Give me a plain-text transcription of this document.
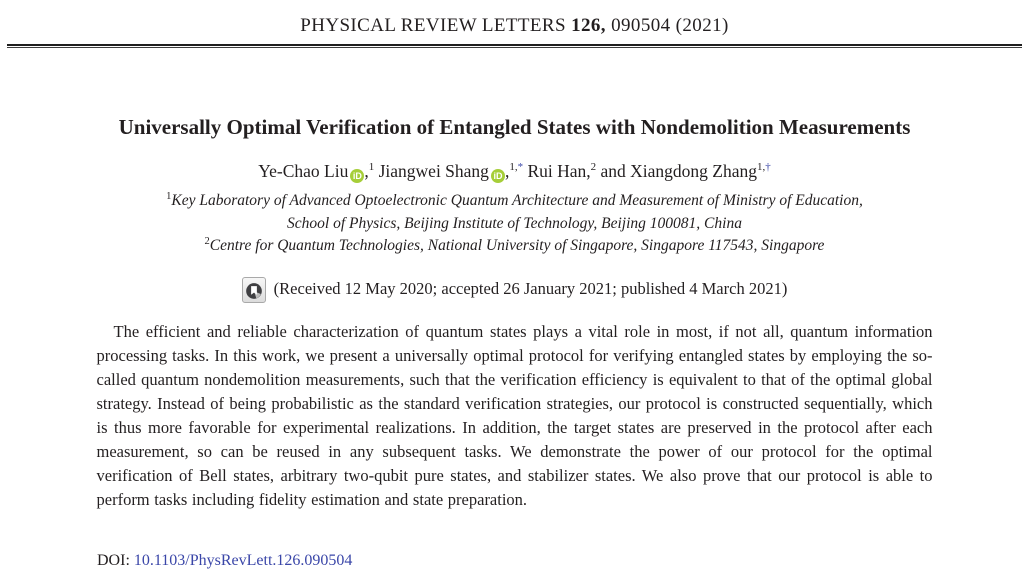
PHYSICAL REVIEW LETTERS 126, 090504 (2021)
Universally Optimal Verification of Entangled States with Nondemolition Measurements
Ye-Chao Liu iD ,$^1$ Jiangwei Shang iD ,$^{1,*}$ Rui Han,$^2$ and Xiangdong Zhang$^{1,\dagger}$
$^1$Key Laboratory of Advanced Optoelectronic Quantum Architecture and Measurement of Ministry of Education,
School of Physics, Beijing Institute of Technology, Beijing 100081, China
$^2$Centre for Quantum Technologies, National University of Singapore, Singapore 117543, Singapore
(Received 12 May 2020; accepted 26 January 2021; published 4 March 2021)

The efficient and reliable characterization of quantum states plays a vital role in most, if not all, quantum information processing tasks. In this work, we present a universally optimal protocol for verifying entangled states by employing the so-called quantum nondemolition measurements, such that the verification efficiency is equivalent to that of the optimal global strategy. Instead of being probabilistic as the standard verification strategies, our protocol is constructed sequentially, which is thus more favorable for experimental realizations. In addition, the target states are preserved in the protocol after each measurement, so can be reused in any subsequent tasks. We demonstrate the power of our protocol for the optimal verification of Bell states, arbitrary two-qubit pure states, and stabilizer states. We also prove that our protocol is able to perform tasks including fidelity estimation and state preparation.

DOI: 10.1103/PhysRevLett.126.090504
